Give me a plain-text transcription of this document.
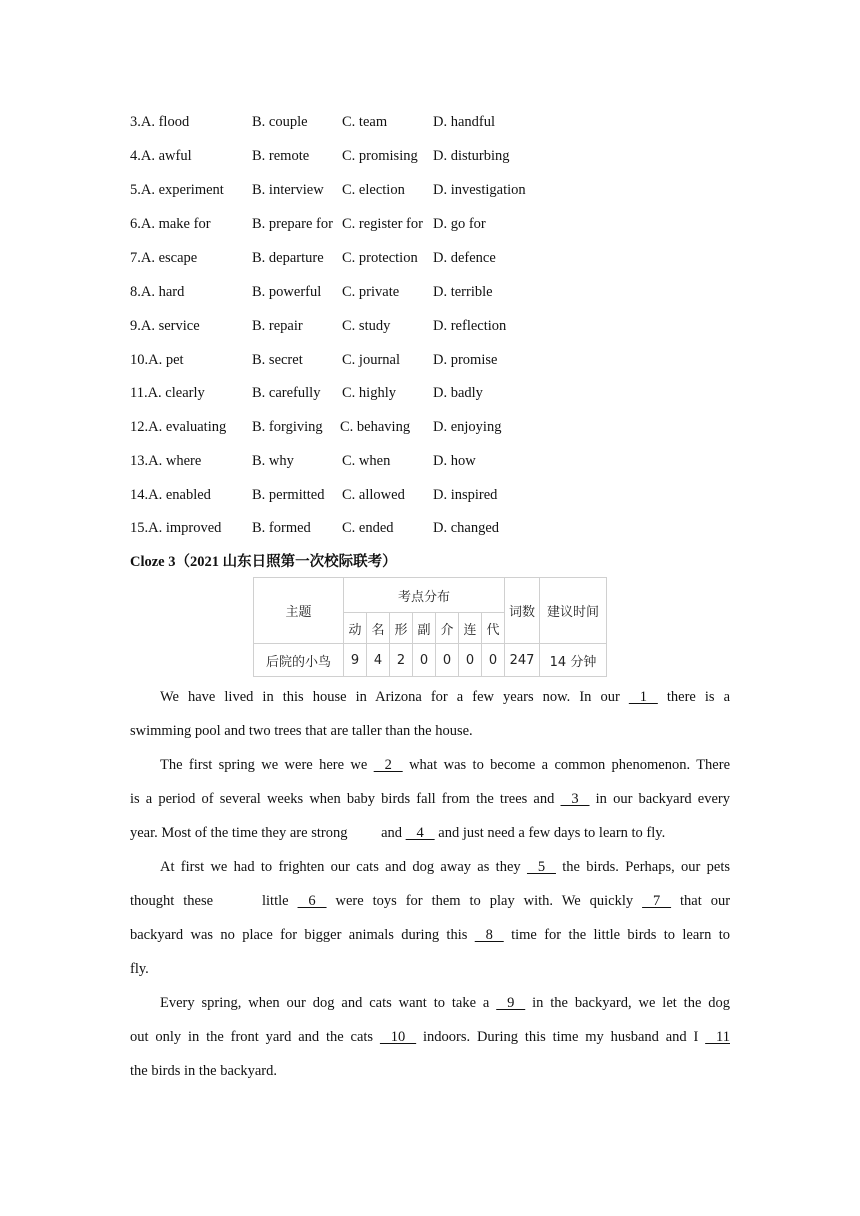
3.A. flood	B. couple C. team	D. handful
4.A. awful	B. remote C. promising D. disturbing
5.A. experiment B. interview C. election D. investigation
6.A. make for	B. prepare for C. register for D. go for
7.A. escape	B. departure C. protection D. defence
8.A. hard	B. powerful C. private D. terrible
9.A. service	B. repair	C. study	D. reflection
10.A. pet	B. secret	C. journal D. promise
11.A. clearly	B. carefully C. highly	D. badly
12.A. evaluating B. forgiving C. behaving D. enjoying
13.A. where	B. why	C. when	D. how
14.A. enabled	B. permitted C. allowed D. inspired
15.A. improved B. formed C. ended	D. changed
Cloze 3（2021 山东日照第一次校际联考）
主题	考点分布							词数	建议时间
	动	名	形	副	介	连	代		
后院的小鸟	9	4	2	0	0	0	0	247	14 分钟
We have lived in this house in Arizona for a few years now. In our    1    there is a
swimming pool and two trees that are taller than the house.
The first spring we were here we    2    what was to become a common phenomenon. There
is a period of several weeks when baby birds fall from the trees and    3    in our backyard every
year. Most of the time they are strong and    4    and just need a few days to learn to fly.
At first we had to frighten our cats and dog away as they    5    the birds. Perhaps, our pets
thought these	little    6    were toys for them to play with. We quickly    7    that our
backyard was no place for bigger animals during this    8    time for the little birds to learn to
fly.
Every spring, when our dog and cats want to take a    9    in the backyard, we let the dog
out only in the front yard and the cats    10    indoors. During this time my husband and I    11
the birds in the backyard.
